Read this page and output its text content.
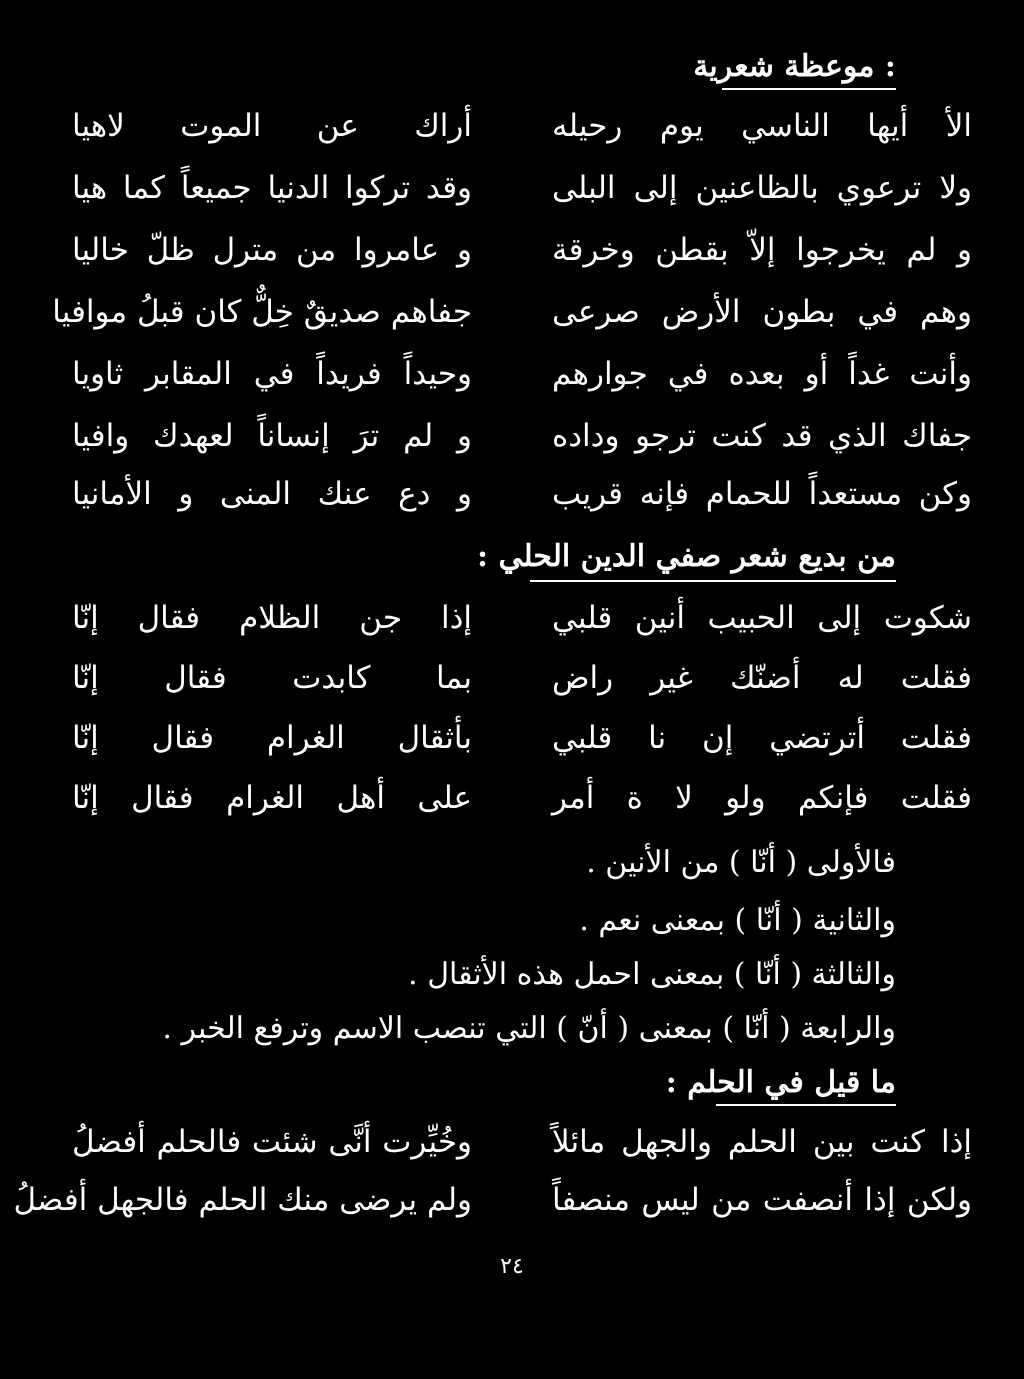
: موعظة شعرية
الأ أيها الناسي يوم رحيله
أراك عن الموت لاهيا
ولا ترعوي بالظاعنين إلى البلى
وقد تركوا الدنيا جميعاً كما هيا
و لم يخرجوا إلاّ بقطن وخرقة
و عامروا من مترل ظلّ خاليا
وهم في بطون الأرض صرعى
جفاهم صديقٌ خِلٌّ كان قبلُ موافيا
وأنت غداً أو بعده في جوارهم
وحيداً فريداً في المقابر ثاويا
جفاك الذي قد كنت ترجو وداده
و لم ترَ إنساناً لعهدك وافيا
وكن مستعداً للحمام فإنه قريب
و دع عنك المنى و الأمانيا
من بديع شعر صفي الدين الحلي :
شكوت إلى الحبيب أنين قلبي
إذا جن الظلام فقال إنّا
فقلت له أضنّك غير راض
بما كابدت فقال إنّا
فقلت أترتضي إن نا قلبي
بأثقال الغرام فقال إنّا
فقلت فإنكم ولو لا ة أمر
على أهل الغرام فقال إنّا
فالأولى ( أنّا ) من الأنين .
والثانية ( أنّا ) بمعنى نعم .
والثالثة ( أنّا ) بمعنى احمل هذه الأثقال .
والرابعة ( أنّا ) بمعنى ( أنّ ) التي تنصب الاسم وترفع الخبر .
ما قيل في الحلم :
إذا كنت بين الحلم والجهل مائلاً
وخُيِّرت أنَّى شئت فالحلم أفضلُ
ولكن إذا أنصفت من ليس منصفاً
ولم يرضى منك الحلم فالجهل أفضلُ
٢٤
